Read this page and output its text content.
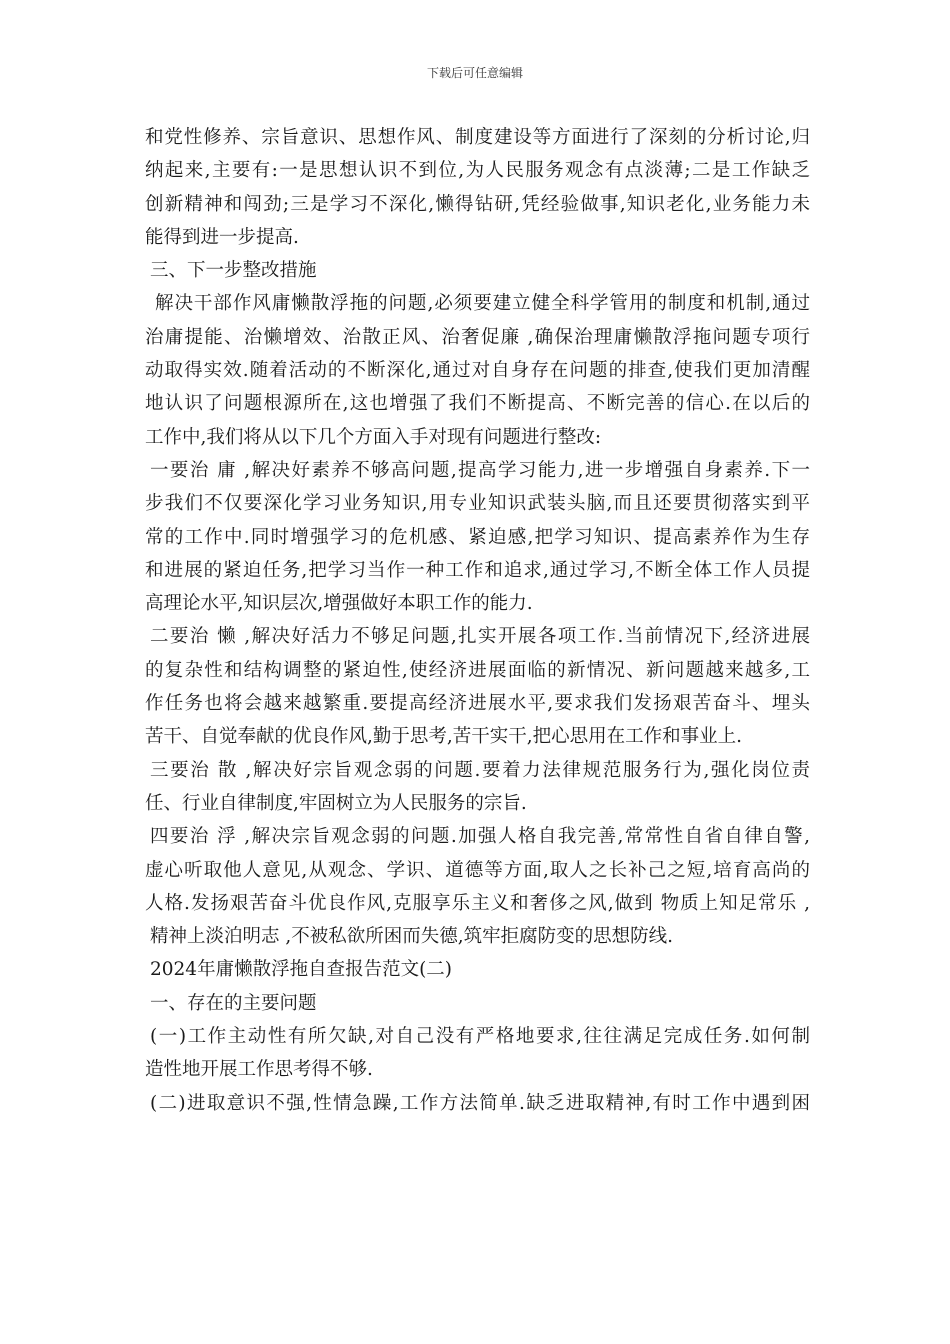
下载后可任意编辑
和党性修养、宗旨意识、思想作风、制度建设等方面进行了深刻的分析讨论,归
纳起来,主要有:一是思想认识不到位,为人民服务观念有点淡薄;二是工作缺乏
创新精神和闯劲;三是学习不深化,懒得钻研,凭经验做事,知识老化,业务能力未
能得到进一步提高.
三、下一步整改措施
解决干部作风庸懒散浮拖的问题,必须要建立健全科学管用的制度和机制,通过
治庸提能、治懒增效、治散正风、治奢促廉 ,确保治理庸懒散浮拖问题专项行
动取得实效.随着活动的不断深化,通过对自身存在问题的排查,使我们更加清醒
地认识了问题根源所在,这也增强了我们不断提高、不断完善的信心.在以后的
工作中,我们将从以下几个方面入手对现有问题进行整改:
一要治 庸 ,解决好素养不够高问题,提高学习能力,进一步增强自身素养.下一
步我们不仅要深化学习业务知识,用专业知识武装头脑,而且还要贯彻落实到平
常的工作中.同时增强学习的危机感、紧迫感,把学习知识、提高素养作为生存
和进展的紧迫任务,把学习当作一种工作和追求,通过学习,不断全体工作人员提
高理论水平,知识层次,增强做好本职工作的能力.
二要治 懒 ,解决好活力不够足问题,扎实开展各项工作.当前情况下,经济进展
的复杂性和结构调整的紧迫性,使经济进展面临的新情况、新问题越来越多,工
作任务也将会越来越繁重.要提高经济进展水平,要求我们发扬艰苦奋斗、埋头
苦干、自觉奉献的优良作风,勤于思考,苦干实干,把心思用在工作和事业上.
三要治 散 ,解决好宗旨观念弱的问题.要着力法律规范服务行为,强化岗位责
任、行业自律制度,牢固树立为人民服务的宗旨.
四要治 浮 ,解决宗旨观念弱的问题.加强人格自我完善,常常性自省自律自警,
虚心听取他人意见,从观念、学识、道德等方面,取人之长补己之短,培育高尚的
人格.发扬艰苦奋斗优良作风,克服享乐主义和奢侈之风,做到 物质上知足常乐 ,
精神上淡泊明志 ,不被私欲所困而失德,筑牢拒腐防变的思想防线.
2024年庸懒散浮拖自查报告范文(二)
一、存在的主要问题
(一)工作主动性有所欠缺,对自己没有严格地要求,往往满足完成任务.如何制
造性地开展工作思考得不够.
(二)进取意识不强,性情急躁,工作方法简单.缺乏进取精神,有时工作中遇到困
